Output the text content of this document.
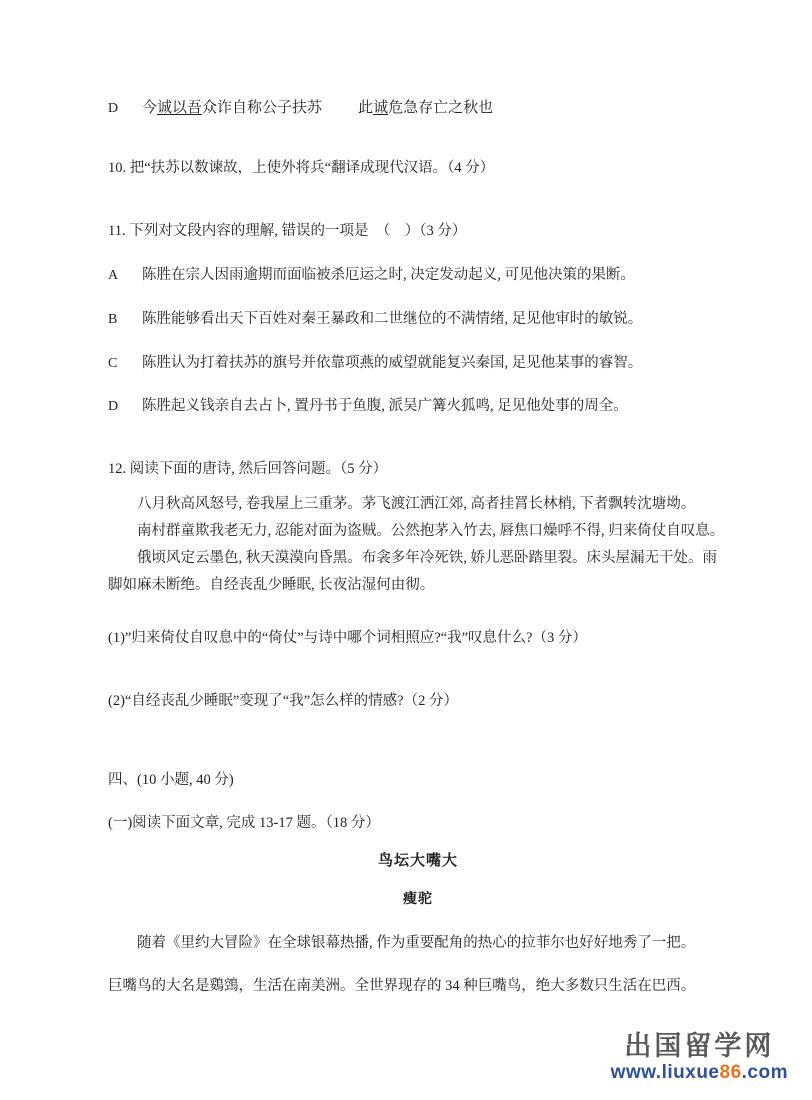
D	今诚以吾众诈自称公子扶苏 此诚危急存亡之秋也
10. 把“扶苏以数谏故，上使外将兵“翻译成现代汉语。（4 分）
11. 下列对文段内容的理解, 错误的一项是　（　）（3 分）
A	陈胜在宗人因雨逾期而面临被杀厄运之时, 决定发动起义, 可见他决策的果断。
B	陈胜能够看出天下百姓对秦王暴政和二世继位的不满情绪, 足见他审时的敏锐。
C	陈胜认为打着扶苏的旗号并依靠项燕的威望就能复兴秦国, 足见他某事的睿智。
D	陈胜起义钱亲自去占卜, 置丹书于鱼腹, 派吴广篝火狐鸣, 足见他处事的周全。
12. 阅读下面的唐诗, 然后回答问题。（5 分）

八月秋高风怒号, 卷我屋上三重茅。茅飞渡江洒江郊, 高者挂罥长林梢, 下者飘转沈塘坳。

南村群童欺我老无力, 忍能对面为盗贼。公然抱茅入竹去, 唇焦口燥呼不得, 归来倚仗自叹息。

俄顷风定云墨色, 秋天漠漠向昏黑。布衾多年冷死铁, 娇儿恶卧踏里裂。床头屋漏无干处。雨脚如麻未断绝。自经丧乱少睡眠, 长夜沾湿何由彻。

(1)”归来倚仗自叹息中的“倚仗”与诗中哪个词相照应?“我”叹息什么?（3 分）
(2)“自经丧乱少睡眠”变现了“我”怎么样的情感?（2 分）
四、(10 小题, 40 分)
(一)阅读下面文章, 完成 13-17 题。（18 分）
鸟坛大嘴大
瘦驼

随着《里约大冒险》在全球银幕热播, 作为重要配角的热心的拉菲尔也好好地秀了一把。

巨嘴鸟的大名是鵎鵼，生活在南美洲。全世界现存的 34 种巨嘴鸟，绝大多数只生活在巴西。

出国留学网
www.liuxue86.com
